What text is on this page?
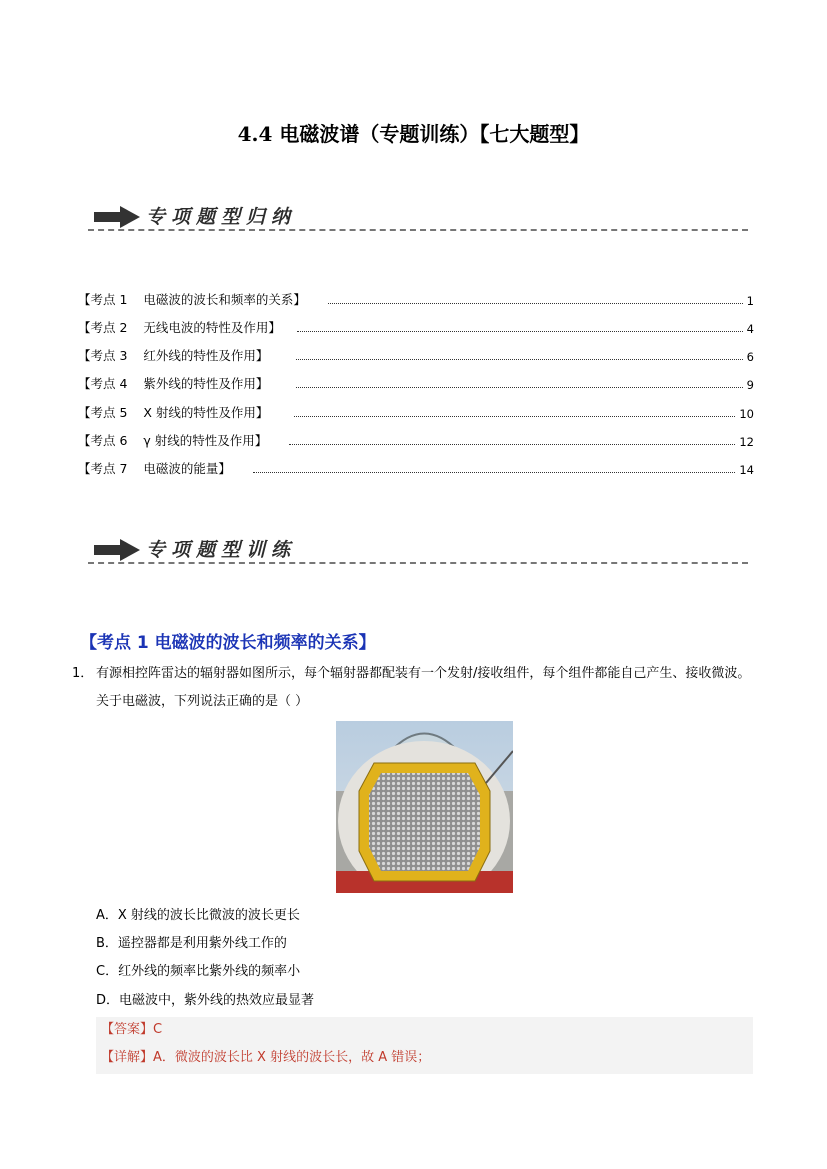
4.4 电磁波谱（专题训练）【七大题型】
专项题型归纳
【考点 1    电磁波的波长和频率的关系】	1
【考点 2    无线电波的特性及作用】	4
【考点 3    红外线的特性及作用】	6
【考点 4    紫外线的特性及作用】	9
【考点 5    X 射线的特性及作用】	10
【考点 6    γ 射线的特性及作用】	12
【考点 7    电磁波的能量】	14
专项题型训练
【考点 1 电磁波的波长和频率的关系】
1． 有源相控阵雷达的辐射器如图所示，每个辐射器都配装有一个发射/接收组件，每个组件都能自己产生、接收微波。关于电磁波，下列说法正确的是（ ）
A．X 射线的波长比微波的波长更长
B．遥控器都是利用紫外线工作的
C．红外线的频率比紫外线的频率小
D．电磁波中，紫外线的热效应最显著
【答案】C
【详解】A．微波的波长比 X 射线的波长长，故 A 错误；
